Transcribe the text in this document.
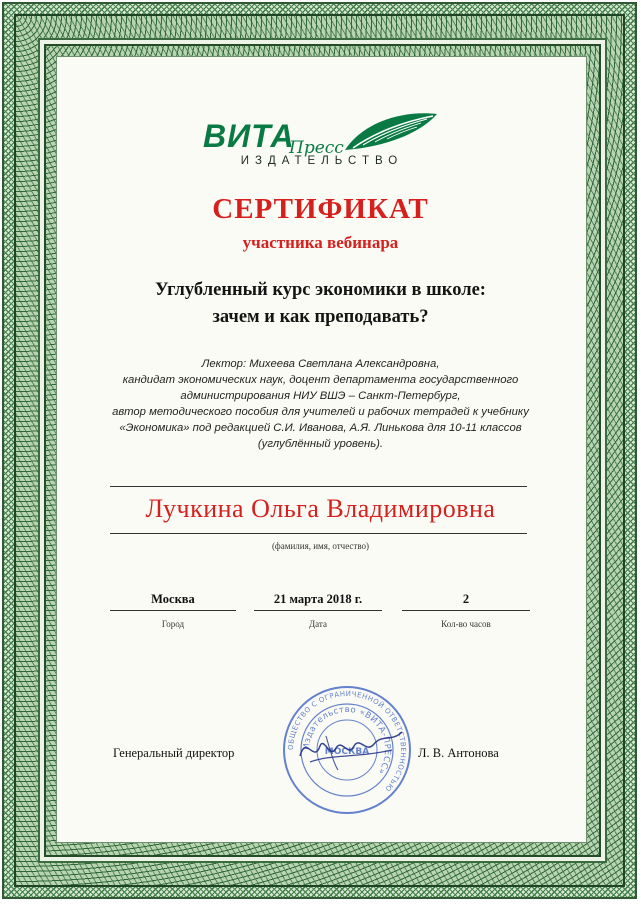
ВИТА
Пресс
ИЗДАТЕЛЬСТВО
СЕРТИФИКАТ
участника вебинара
Углубленный курс экономики в школе:
зачем и как преподавать?
Лектор: Михеева Светлана Александровна,
кандидат экономических наук, доцент департамента государственного
администрирования НИУ ВШЭ – Санкт-Петербург,
автор методического пособия для учителей и рабочих тетрадей к учебнику
«Экономика» под редакцией С.И. Иванова, А.Я. Линькова для 10-11 классов
(углублённый уровень).
Лучкина Ольга Владимировна
(фамилия, имя, отчество)
Москва
Город
21 марта 2018 г.
Дата
2
Кол-во часов
Генеральный директор	ОБЩЕСТВО С ОГРАНИЧЕННОЙ ОТВЕТСТВЕННОСТЬЮ
Издательство «ВИТА-ПРЕСС»
МОСКВА	Л. В. Антонова
